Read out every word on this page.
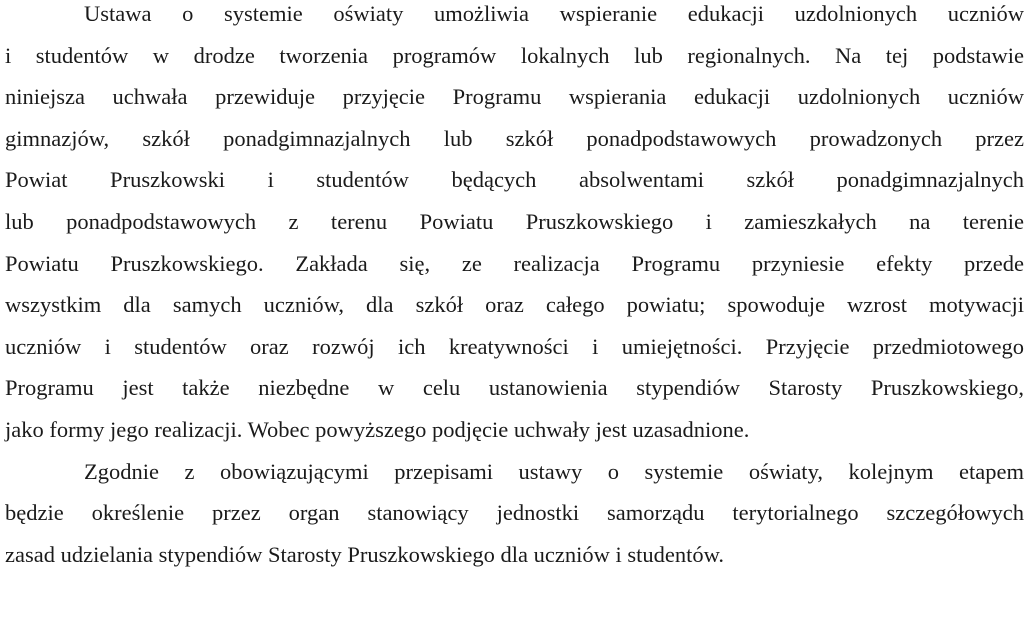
Ustawa o systemie oświaty umożliwia wspieranie edukacji uzdolnionych uczniów
i studentów w drodze tworzenia programów lokalnych lub regionalnych. Na tej podstawie
niniejsza uchwała przewiduje przyjęcie Programu wspierania edukacji uzdolnionych uczniów
gimnazjów, szkół ponadgimnazjalnych lub szkół ponadpodstawowych prowadzonych przez
Powiat Pruszkowski i studentów będących absolwentami szkół ponadgimnazjalnych
lub ponadpodstawowych z terenu Powiatu Pruszkowskiego i zamieszkałych na terenie
Powiatu Pruszkowskiego. Zakłada się, ze realizacja Programu przyniesie efekty przede
wszystkim dla samych uczniów, dla szkół oraz całego powiatu; spowoduje wzrost motywacji
uczniów i studentów oraz rozwój ich kreatywności i umiejętności. Przyjęcie przedmiotowego
Programu jest także niezbędne w celu ustanowienia stypendiów Starosty Pruszkowskiego,
jako formy jego realizacji. Wobec powyższego podjęcie uchwały jest uzasadnione.
Zgodnie z obowiązującymi przepisami ustawy o systemie oświaty, kolejnym etapem
będzie określenie przez organ stanowiący jednostki samorządu terytorialnego szczegółowych
zasad udzielania stypendiów Starosty Pruszkowskiego dla uczniów i studentów.
